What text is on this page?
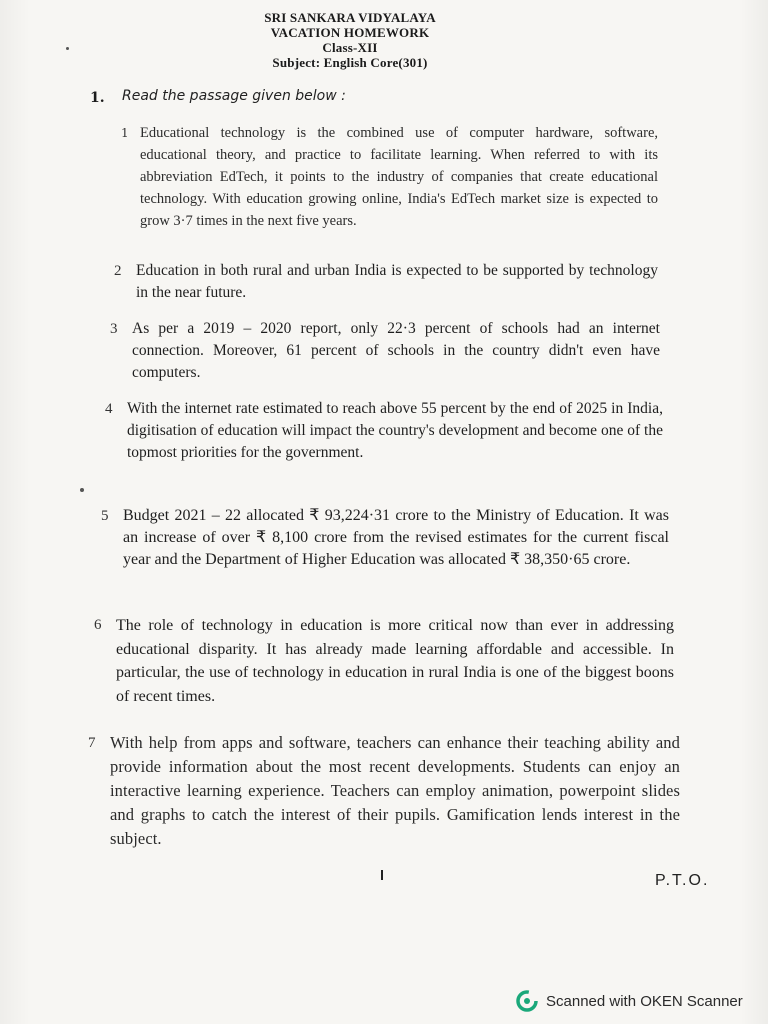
SRI SANKARA VIDYALAYA
VACATION HOMEWORK
Class-XII
Subject: English Core(301)
1. Read the passage given below :
1 Educational technology is the combined use of computer hardware, software, educational theory, and practice to facilitate learning. When referred to with its abbreviation EdTech, it points to the industry of companies that create educational technology. With education growing online, India's EdTech market size is expected to grow 3·7 times in the next five years.
2 Education in both rural and urban India is expected to be supported by technology in the near future.
3 As per a 2019 – 2020 report, only 22·3 percent of schools had an internet connection. Moreover, 61 percent of schools in the country didn't even have computers.
4 With the internet rate estimated to reach above 55 percent by the end of 2025 in India, digitisation of education will impact the country's development and become one of the topmost priorities for the government.
5 Budget 2021 – 22 allocated ₹ 93,224·31 crore to the Ministry of Education. It was an increase of over ₹ 8,100 crore from the revised estimates for the current fiscal year and the Department of Higher Education was allocated ₹ 38,350·65 crore.
6 The role of technology in education is more critical now than ever in addressing educational disparity. It has already made learning affordable and accessible. In particular, the use of technology in education in rural India is one of the biggest boons of recent times.
7 With help from apps and software, teachers can enhance their teaching ability and provide information about the most recent developments. Students can enjoy an interactive learning experience. Teachers can employ animation, powerpoint slides and graphs to catch the interest of their pupils. Gamification lends interest in the subject.
P.T.O.
Scanned with OKEN Scanner
